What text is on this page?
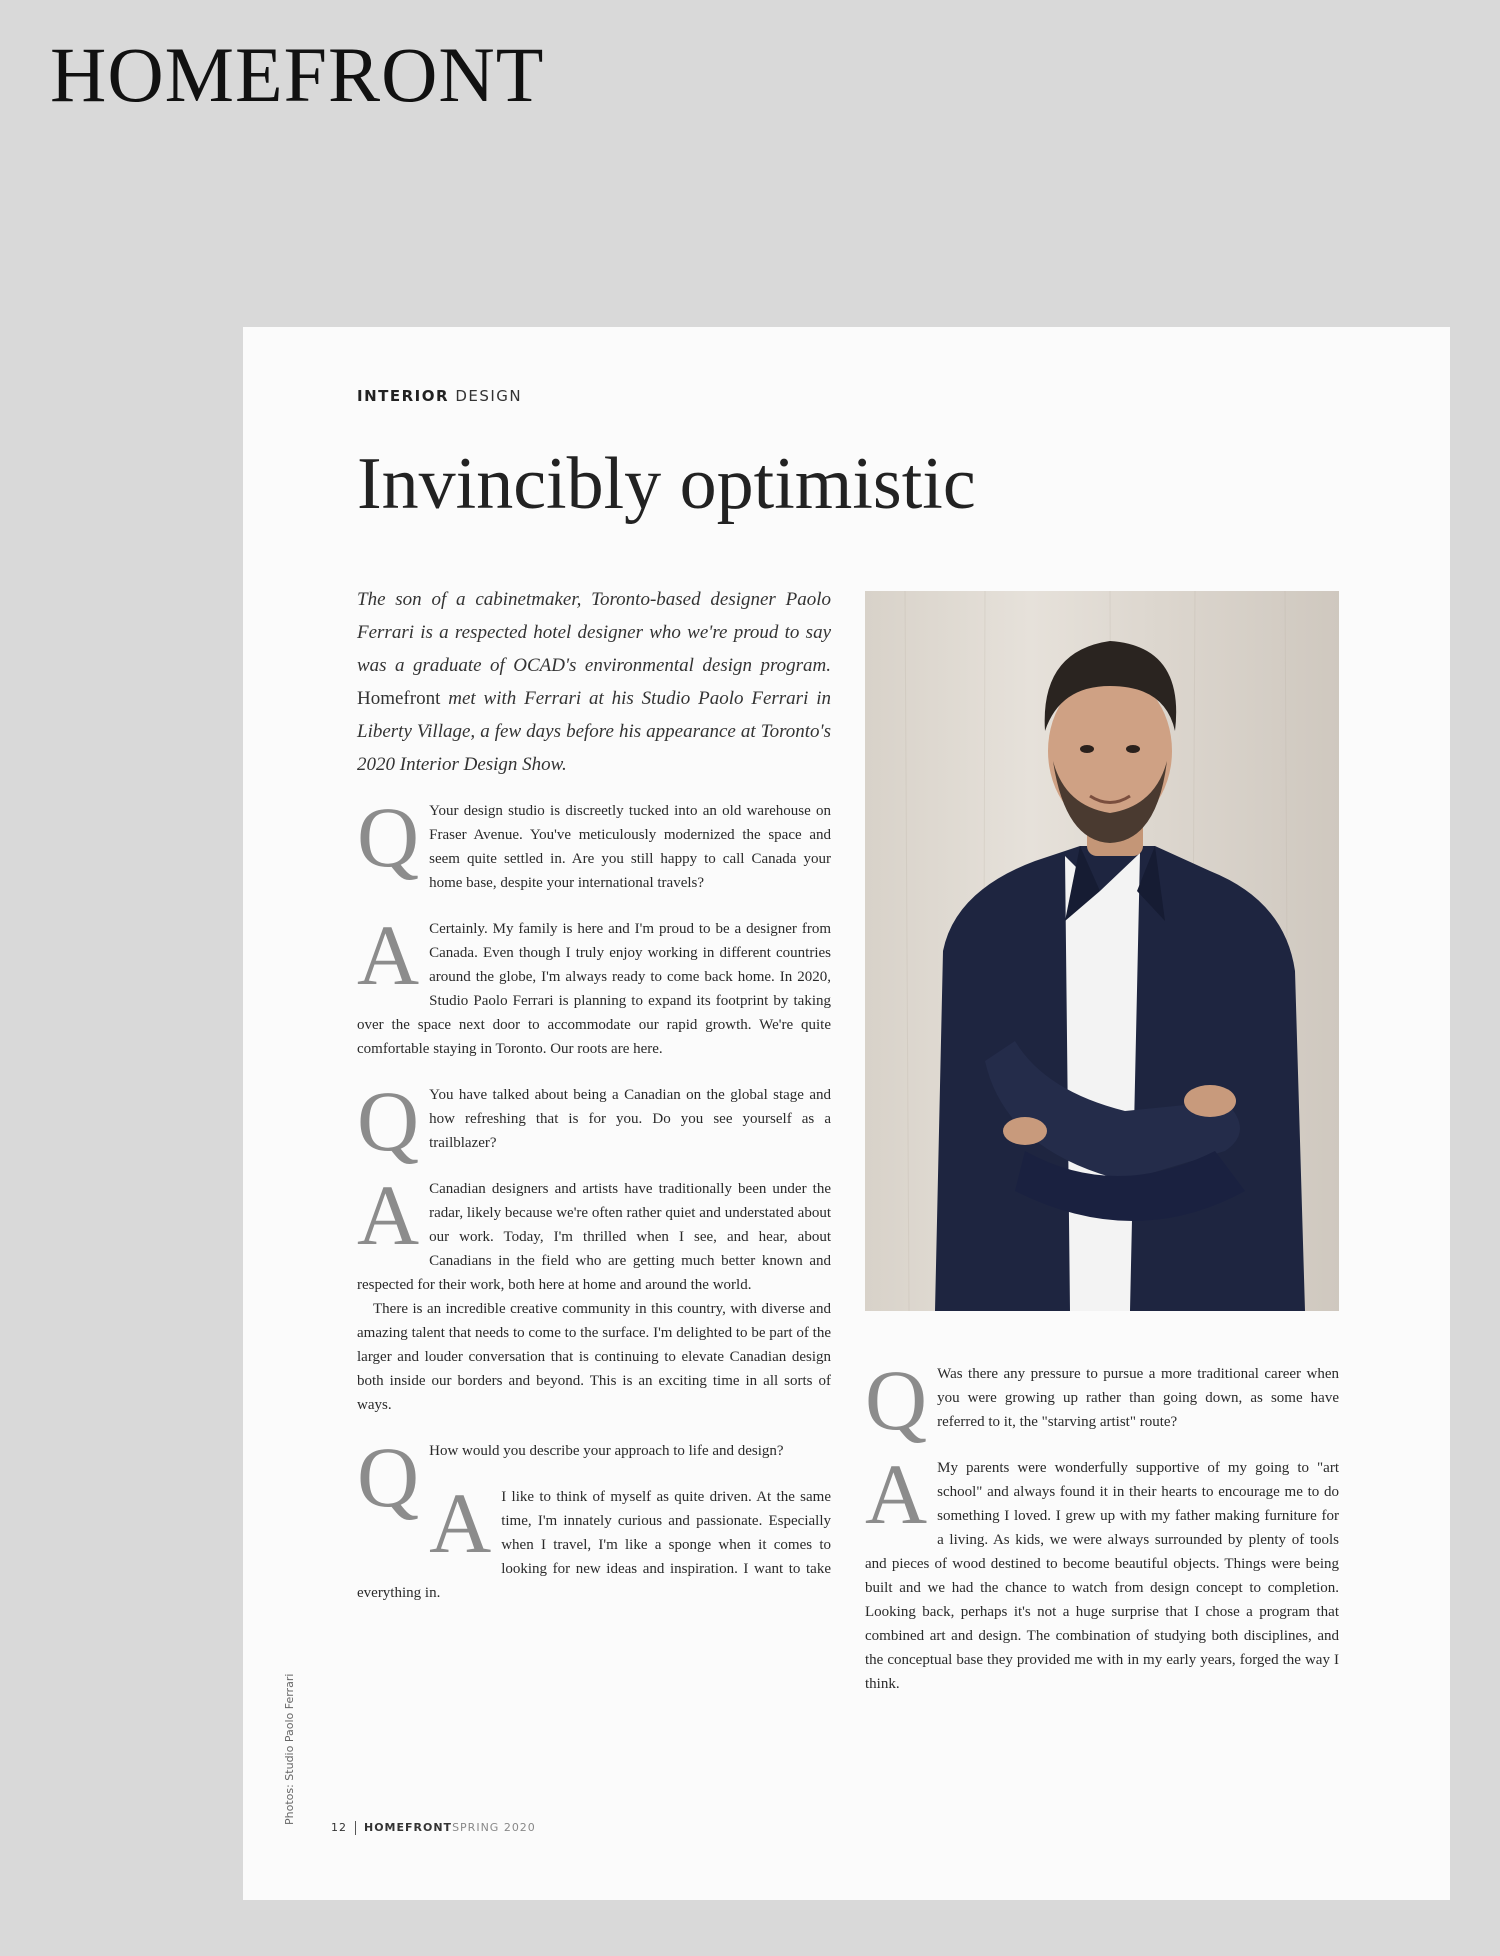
HOMEFRONT
INTERIOR DESIGN
Invincibly optimistic

The son of a cabinetmaker, Toronto-based designer Paolo Ferrari is a respected hotel designer who we're proud to say was a graduate of OCAD's environmental design program. Homefront met with Ferrari at his Studio Paolo Ferrari in Liberty Village, a few days before his appearance at Toronto's 2020 Interior Design Show.

Q Your design studio is discreetly tucked into an old warehouse on Fraser Avenue. You've meticulously modernized the space and seem quite settled in. Are you still happy to call Canada your home base, despite your international travels?

A Certainly. My family is here and I'm proud to be a designer from Canada. Even though I truly enjoy working in different countries around the globe, I'm always ready to come back home. In 2020, Studio Paolo Ferrari is planning to expand its footprint by taking over the space next door to accommodate our rapid growth. We're quite comfortable staying in Toronto. Our roots are here.

Q You have talked about being a Canadian on the global stage and how refreshing that is for you. Do you see yourself as a trailblazer?

A Canadian designers and artists have traditionally been under the radar, likely because we're often rather quiet and understated about our work. Today, I'm thrilled when I see, and hear, about Canadians in the field who are getting much better known and respected for their work, both here at home and around the world.

There is an incredible creative community in this country, with diverse and amazing talent that needs to come to the surface. I'm delighted to be part of the larger and louder conversation that is continuing to elevate Canadian design both inside our borders and beyond. This is an exciting time in all sorts of ways.

Q How would you describe your approach to life and design?

A I like to think of myself as quite driven. At the same time, I'm innately curious and passionate. Especially when I travel, I'm like a sponge when it comes to looking for new ideas and inspiration. I want to take everything in.

Q Was there any pressure to pursue a more traditional career when you were growing up rather than going down, as some have referred to it, the "starving artist" route?

A My parents were wonderfully supportive of my going to "art school" and always found it in their hearts to encourage me to do something I loved. I grew up with my father making furniture for a living. As kids, we were always surrounded by plenty of tools and pieces of wood destined to become beautiful objects. Things were being built and we had the chance to watch from design concept to completion. Looking back, perhaps it's not a huge surprise that I chose a program that combined art and design. The combination of studying both disciplines, and the conceptual base they provided me with in my early years, forged the way I think.

Photos: Studio Paolo Ferrari
12 HOMEFRONTSPRING 2020
